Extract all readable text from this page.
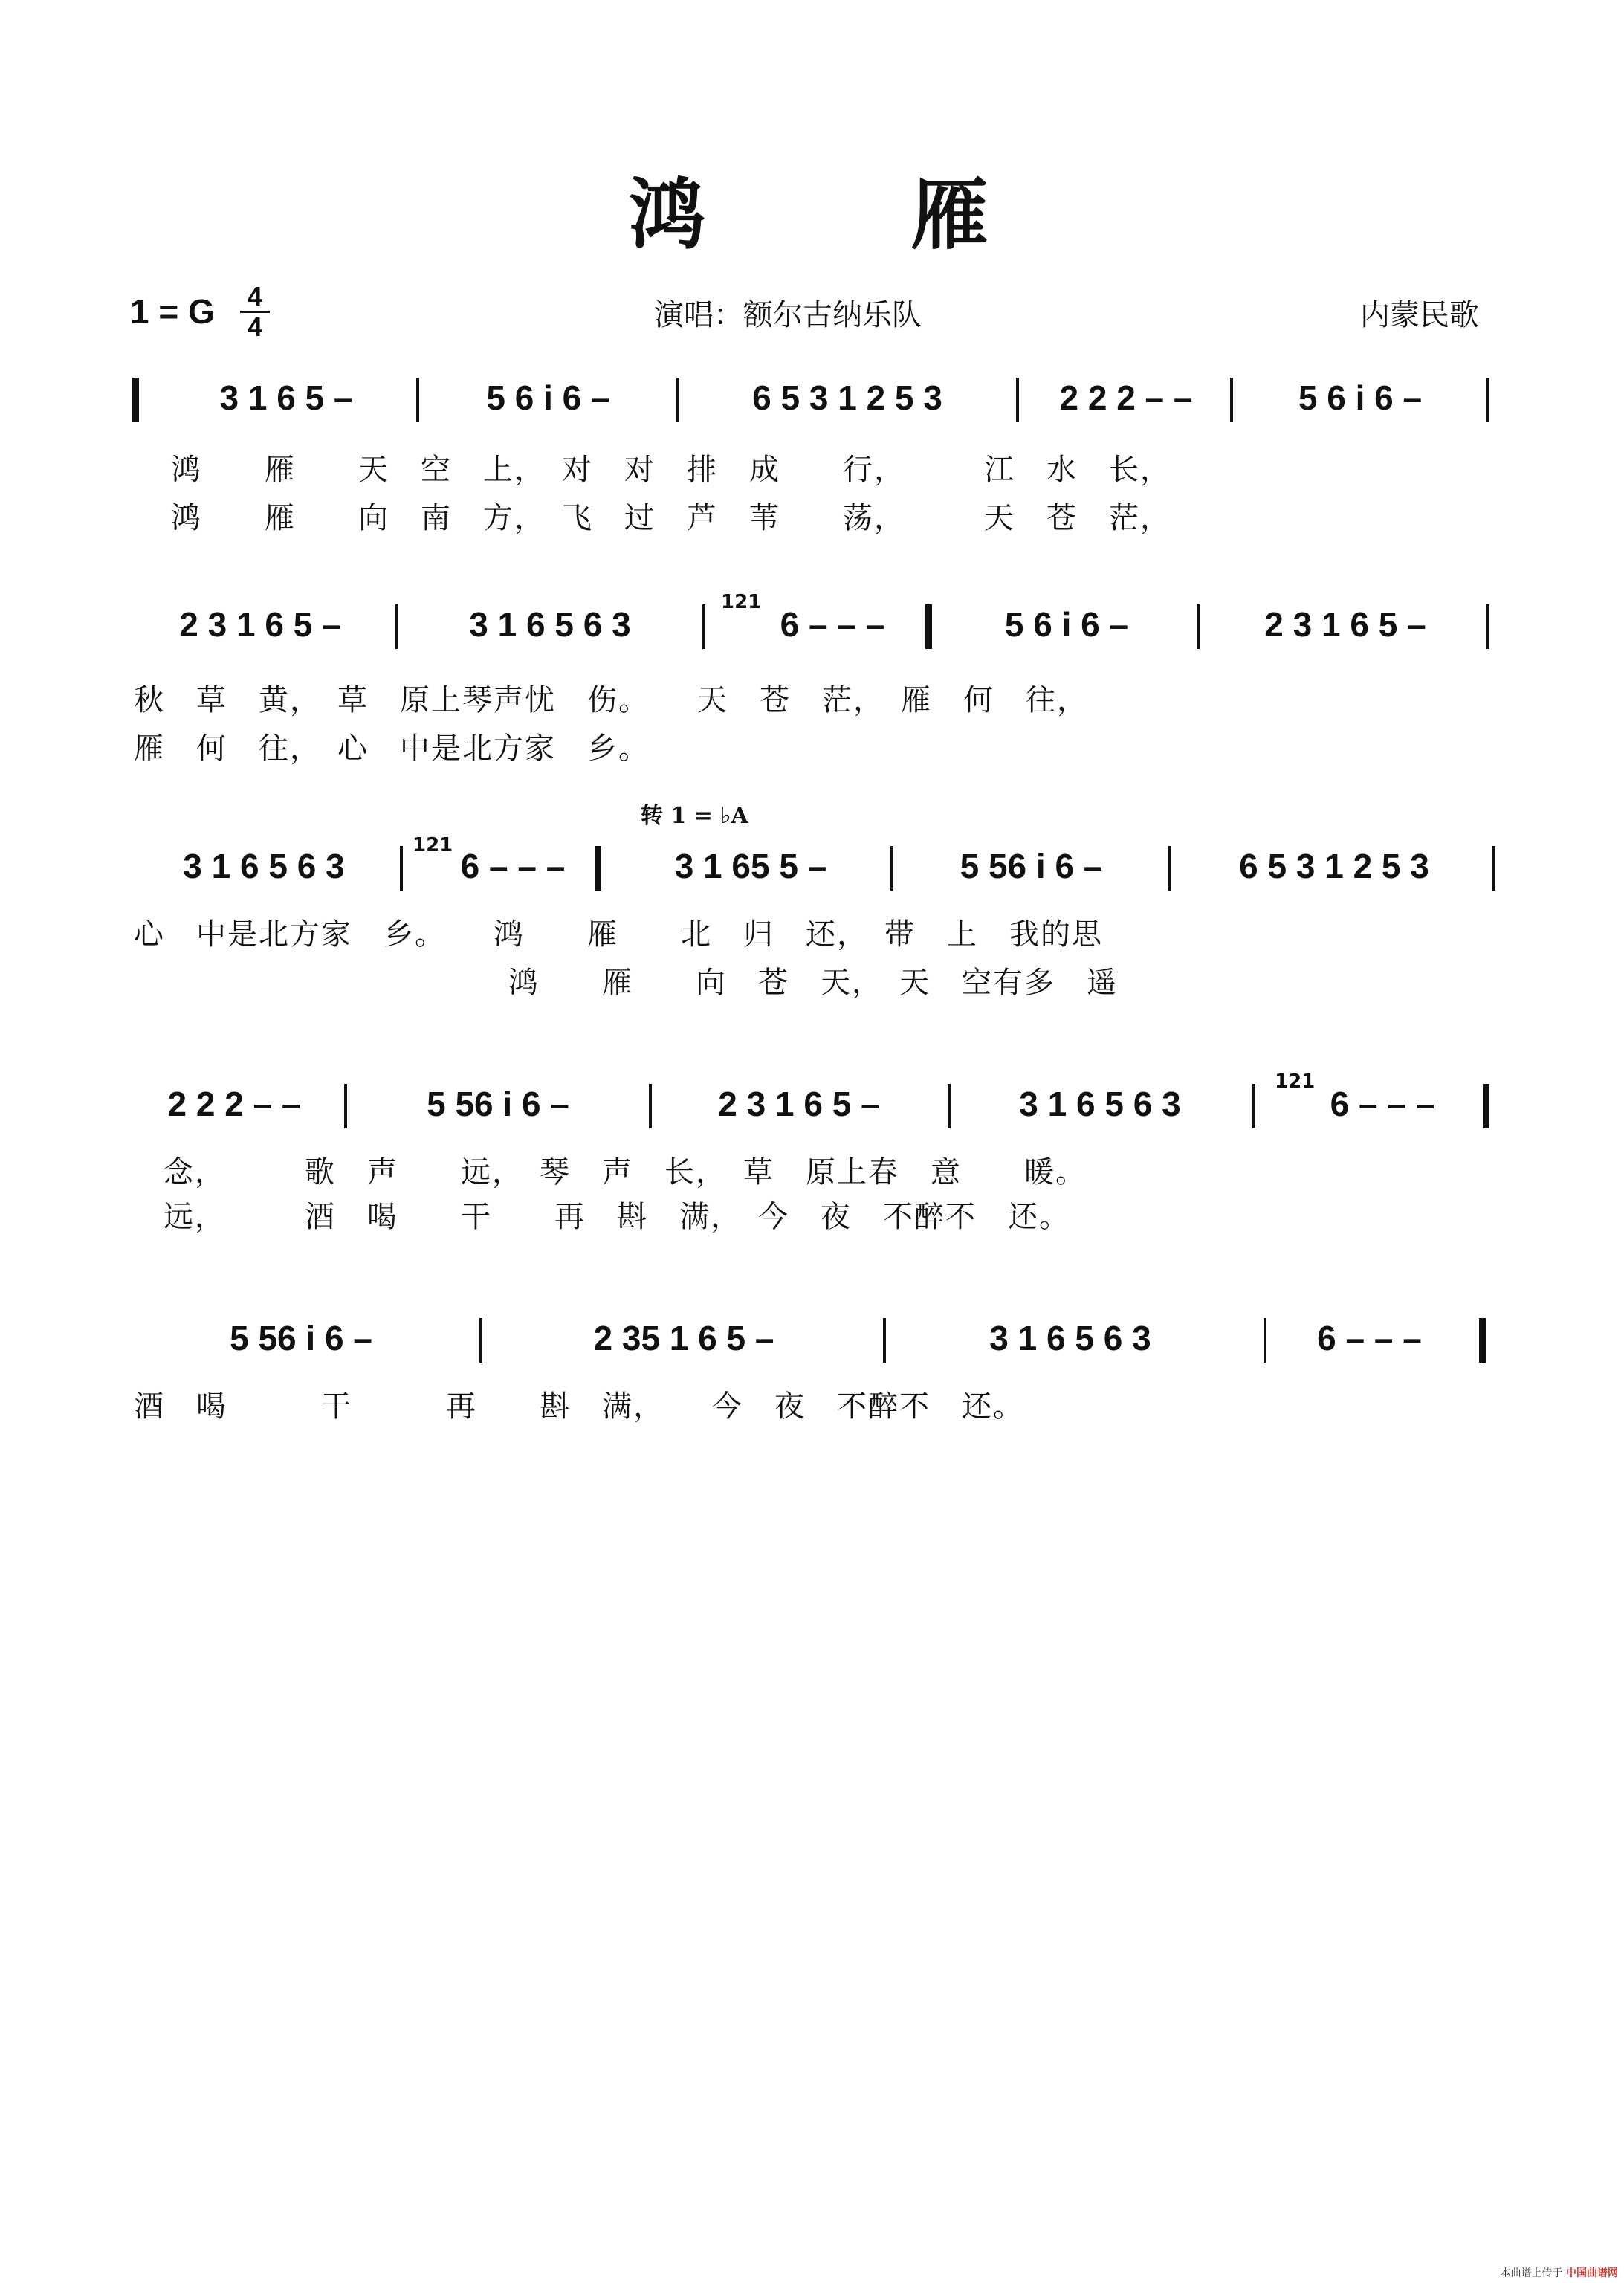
鸿 雁
1 = G 4
4	演唱：额尔古纳乐队	内蒙民歌
3 1 6 5 –	5 6 i 6 –	6 5 3 1 2 5 3	2 2 2 – –	5 6 i 6 –
鸿　　雁　　天　空　上，　对　对　排　成　　行，　　　江　水　长，
鸿　　雁　　向　南　方，　飞　过　芦　苇　　荡，　　　天　苍　茫，
2 3 1 6 5 –	3 1 6 5 6 3
121
6 – – –	5 6 i 6 –	2 3 1 6 5 –
秋　草　黄，　草　原上琴声忧　伤。　　天　苍　茫，　雁　何　往，
雁　何　往，　心　中是北方家　乡。
转 1 = ♭A
3 1 6 5 6 3
121
6 – – –	3 1 65 5 –	5 56 i 6 –	6 5 3 1 2 5 3
心　中是北方家　乡。　　鸿　　雁　　北　归　还，　带　上　我的思
　　　　　　　　　　　　鸿　　雁　　向　苍　天，　天　空有多　遥
2 2 2 – –	5 56 i 6 –	2 3 1 6 5 –	3 1 6 5 6 3
121
6 – – –
念，　　　歌　声　　远，　琴　声　长，　草　原上春　意　　暖。
远，　　　酒　喝　　干　　再　斟　满，　今　夜　不醉不　还。
5 56 i 6 –	2 35 1 6 5 –	3 1 6 5 6 3	6 – – –
酒　喝　　　干　　　再　　斟　满，　　今　夜　不醉不　还。
本曲谱上传于 中国曲谱网
